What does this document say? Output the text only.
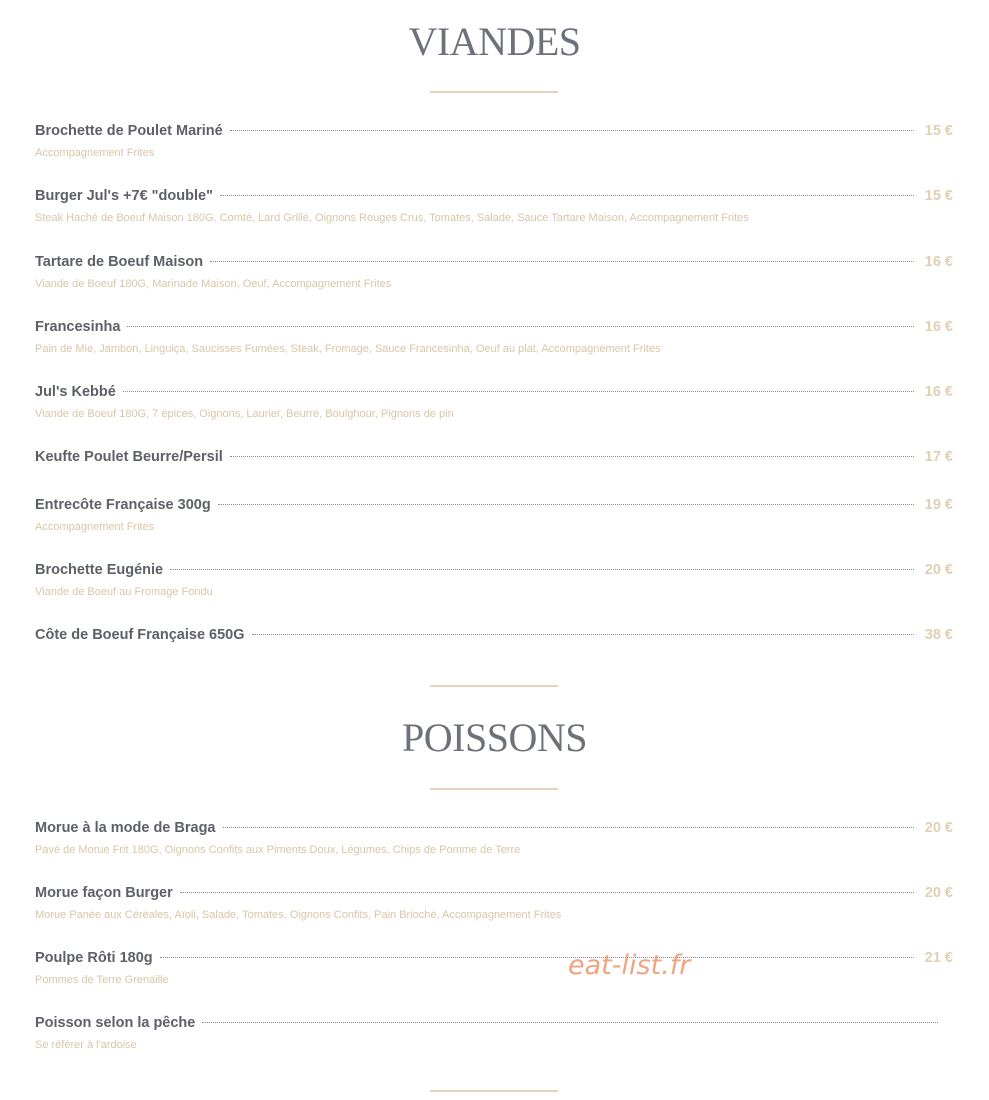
VIANDES
Brochette de Poulet Mariné	15 €
Accompagnement Frites
Burger Jul's +7€ "double"	15 €
Steak Haché de Boeuf Maison 180G, Comté, Lard Grillé, Oignons Rouges Crus, Tomates, Salade, Sauce Tartare Maison, Accompagnement Frites
Tartare de Boeuf Maison	16 €
Viande de Boeuf 180G, Marinade Maison, Oeuf, Accompagnement Frites
Francesinha	16 €
Pain de Mie, Jambon, Linguiça, Saucisses Fumées, Steak, Fromage, Sauce Francesinha, Oeuf au plat, Accompagnement Frites
Jul's Kebbé	16 €
Viande de Boeuf 180G, 7 épices, Oignons, Laurier, Beurre, Boulghour, Pignons de pin
Keufte Poulet Beurre/Persil	17 €
Entrecôte Française 300g	19 €
Accompagnement Frites
Brochette Eugénie	20 €
Viande de Boeuf au Fromage Fondu
Côte de Boeuf Française 650G	38 €
POISSONS
Morue à la mode de Braga	20 €
Pavé de Morue Frit 180G, Oignons Confits aux Piments Doux, Légumes, Chips de Pomme de Terre
Morue façon Burger	20 €
Morue Panée aux Céréales, Aïoli, Salade, Tomates, Oignons Confits, Pain Brioché, Accompagnement Frites
Poulpe Rôti 180g	21 €
Pommes de Terre Grenaille
Poisson selon la pêche
Se référer à l'ardoise
eat-list.fr
